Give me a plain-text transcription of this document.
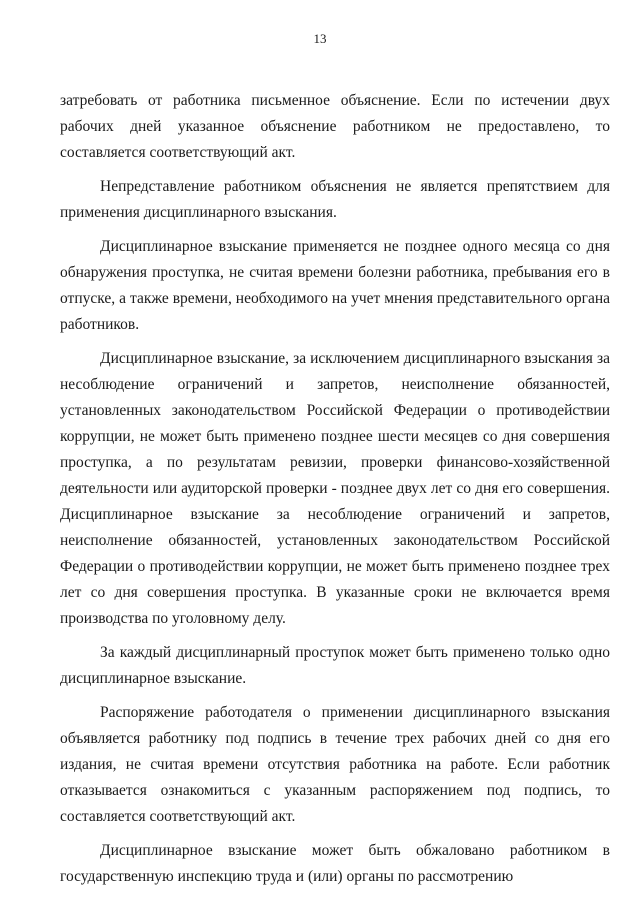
13

затребовать от работника письменное объяснение. Если по истечении двух рабочих дней указанное объяснение работником не предоставлено, то составляется соответствующий акт.

Непредставление работником объяснения не является препятствием для применения дисциплинарного взыскания.

Дисциплинарное взыскание применяется не позднее одного месяца со дня обнаружения проступка, не считая времени болезни работника, пребывания его в отпуске, а также времени, необходимого на учет мнения представительного органа работников.

Дисциплинарное взыскание, за исключением дисциплинарного взыскания за несоблюдение ограничений и запретов, неисполнение обязанностей, установленных законодательством Российской Федерации о противодействии коррупции, не может быть применено позднее шести месяцев со дня совершения проступка, а по результатам ревизии, проверки финансово-хозяйственной деятельности или аудиторской проверки - позднее двух лет со дня его совершения. Дисциплинарное взыскание за несоблюдение ограничений и запретов, неисполнение обязанностей, установленных законодательством Российской Федерации о противодействии коррупции, не может быть применено позднее трех лет со дня совершения проступка. В указанные сроки не включается время производства по уголовному делу.

За каждый дисциплинарный проступок может быть применено только одно дисциплинарное взыскание.

Распоряжение работодателя о применении дисциплинарного взыскания объявляется работнику под подпись в течение трех рабочих дней со дня его издания, не считая времени отсутствия работника на работе. Если работник отказывается ознакомиться с указанным распоряжением под подпись, то составляется соответствующий акт.

Дисциплинарное взыскание может быть обжаловано работником в государственную инспекцию труда и (или) органы по рассмотрению
